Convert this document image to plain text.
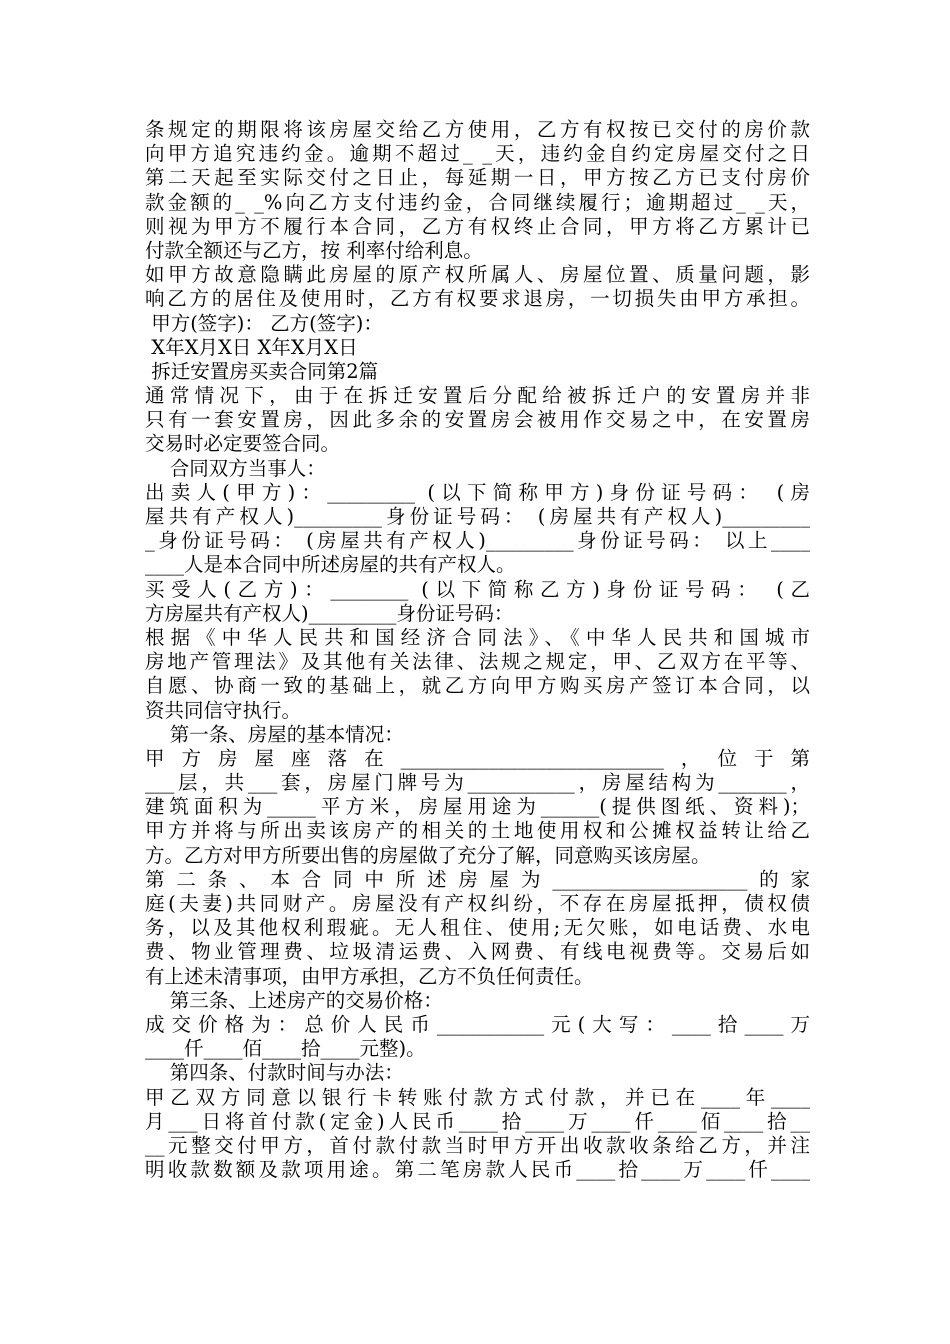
条规定的期限将该房屋交给乙方使用，乙方有权按已交付的房价款
向甲方追究违约金。逾期不超过_ _天，违约金自约定房屋交付之日
第二天起至实际交付之日止，每延期一日，甲方按乙方已支付房价
款金额的_ _%向乙方支付违约金，合同继续履行；逾期超过_ _天，
则视为甲方不履行本合同，乙方有权终止合同，甲方将乙方累计已
付款全额还与乙方，按 利率付给利息。
如甲方故意隐瞒此房屋的原产权所属人、房屋位置、质量问题，影
响乙方的居住及使用时，乙方有权要求退房，一切损失由甲方承担。
甲方(签字)： 乙方(签字)：
X年X月X日 X年X月X日
拆迁安置房买卖合同第2篇
通常情况下，由于在拆迁安置后分配给被拆迁户的安置房并非
只有一套安置房，因此多余的安置房会被用作交易之中，在安置房
交易时必定要签合同。
合同双方当事人：
出卖人(甲方)：_________ (以下简称甲方)身份证号码： (房
屋共有产权人)_________身份证号码： (房屋共有产权人)_________
_身份证号码： (房屋共有产权人)_________身份证号码： 以上____
____人是本合同中所述房屋的共有产权人。
买受人(乙方)：________ (以下简称乙方)身份证号码： (乙
方房屋共有产权人)_________身份证号码：
根据《中华人民共和国经济合同法》、《中华人民共和国城市
房地产管理法》及其他有关法律、法规之规定，甲、乙双方在平等、
自愿、协商一致的基础上，就乙方向甲方购买房产签订本合同，以
资共同信守执行。
第一条、房屋的基本情况：
甲方房屋座落在___________________________，位于第
___层，共___套，房屋门牌号为___________，房屋结构为_______，
建筑面积为_____平方米，房屋用途为______(提供图纸、资料)；
甲方并将与所出卖该房产的相关的土地使用权和公摊权益转让给乙
方。乙方对甲方所要出售的房屋做了充分了解，同意购买该房屋。
第二条、本合同中所述房屋为____________________的家
庭(夫妻)共同财产。房屋没有产权纠纷，不存在房屋抵押，债权债
务，以及其他权利瑕疵。无人租住、使用;无欠账，如电话费、水电
费、物业管理费、垃圾清运费、入网费、有线电视费等。交易后如
有上述未清事项，由甲方承担，乙方不负任何责任。
第三条、上述房产的交易价格：
成交价格为：总价人民币___________元(大写：____拾____万
____仟____佰____拾____元整)。
第四条、付款时间与办法：
甲乙双方同意以银行卡转账付款方式付款，并已在____年____
月___日将首付款(定金)人民币____拾____万____仟____佰____拾__
__元整交付甲方，首付款付款当时甲方开出收款收条给乙方，并注
明收款数额及款项用途。第二笔房款人民币____拾____万____仟____
